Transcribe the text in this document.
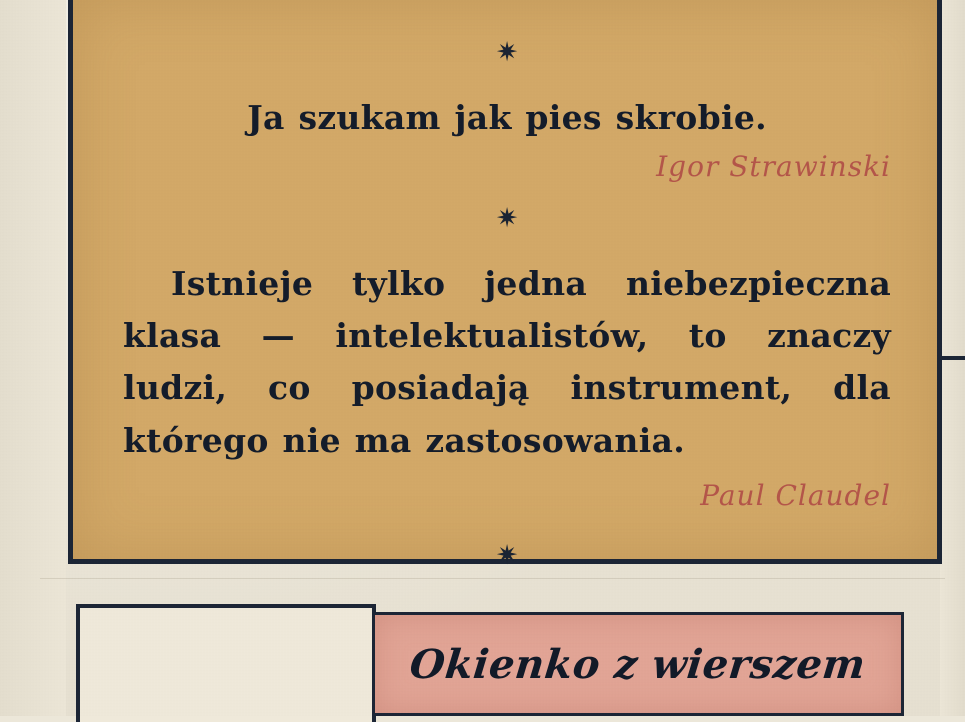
✷
Ja szukam jak pies skrobie.
Igor Strawinski
✷
Istnieje tylko jedna niebezpieczna klasa — intelektualistów, to znaczy ludzi, co posiadają instrument, dla którego nie ma zastosowania.
Paul Claudel
✷
Okienko z wierszem
